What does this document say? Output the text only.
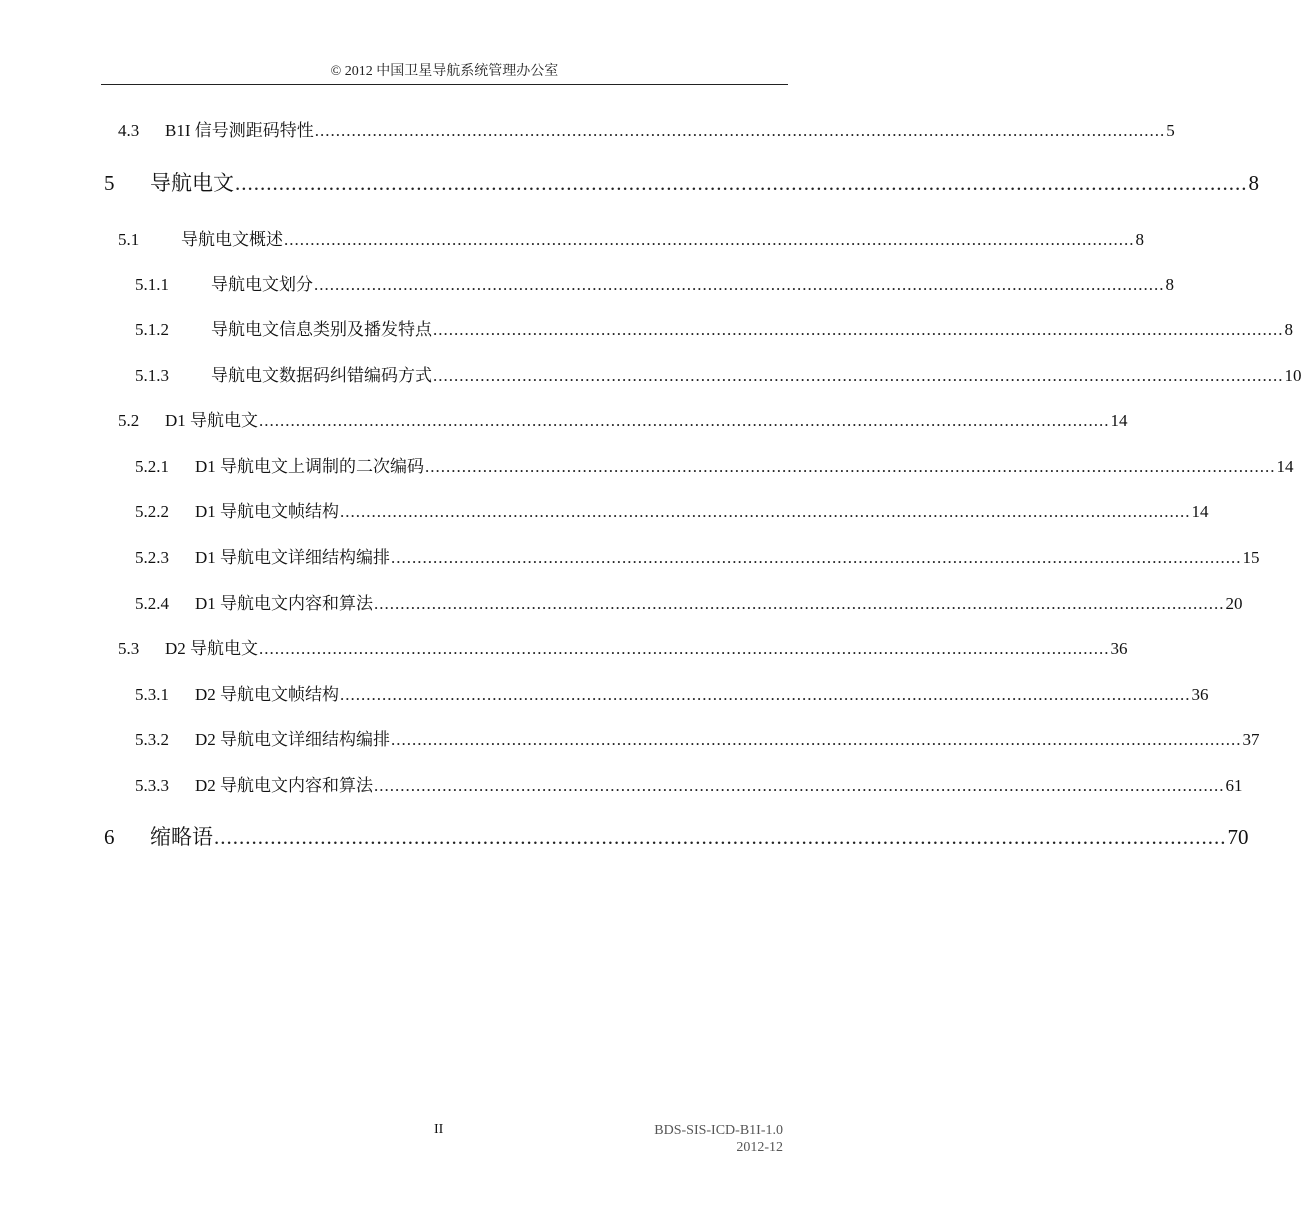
© 2012 中国卫星导航系统管理办公室
4.3	B1I 信号测距码特性 .................................................................................................................................................................. 5
5	导航电文 .................................................................................................................................................................. 8
5.1	导航电文概述 .................................................................................................................................................................. 8
5.1.1	导航电文划分 .................................................................................................................................................................. 8
5.1.2	导航电文信息类别及播发特点 .................................................................................................................................................................. 8
5.1.3	导航电文数据码纠错编码方式 .................................................................................................................................................................. 10
5.2	D1 导航电文 .................................................................................................................................................................. 14
5.2.1	D1 导航电文上调制的二次编码 .................................................................................................................................................................. 14
5.2.2	D1 导航电文帧结构 .................................................................................................................................................................. 14
5.2.3	D1 导航电文详细结构编排 .................................................................................................................................................................. 15
5.2.4	D1 导航电文内容和算法 .................................................................................................................................................................. 20
5.3	D2 导航电文 .................................................................................................................................................................. 36
5.3.1	D2 导航电文帧结构 .................................................................................................................................................................. 36
5.3.2	D2 导航电文详细结构编排 .................................................................................................................................................................. 37
5.3.3	D2 导航电文内容和算法 .................................................................................................................................................................. 61
6	缩略语 .................................................................................................................................................................. 70
II	BDS-SIS-ICD-B1I-1.0
2012-12
